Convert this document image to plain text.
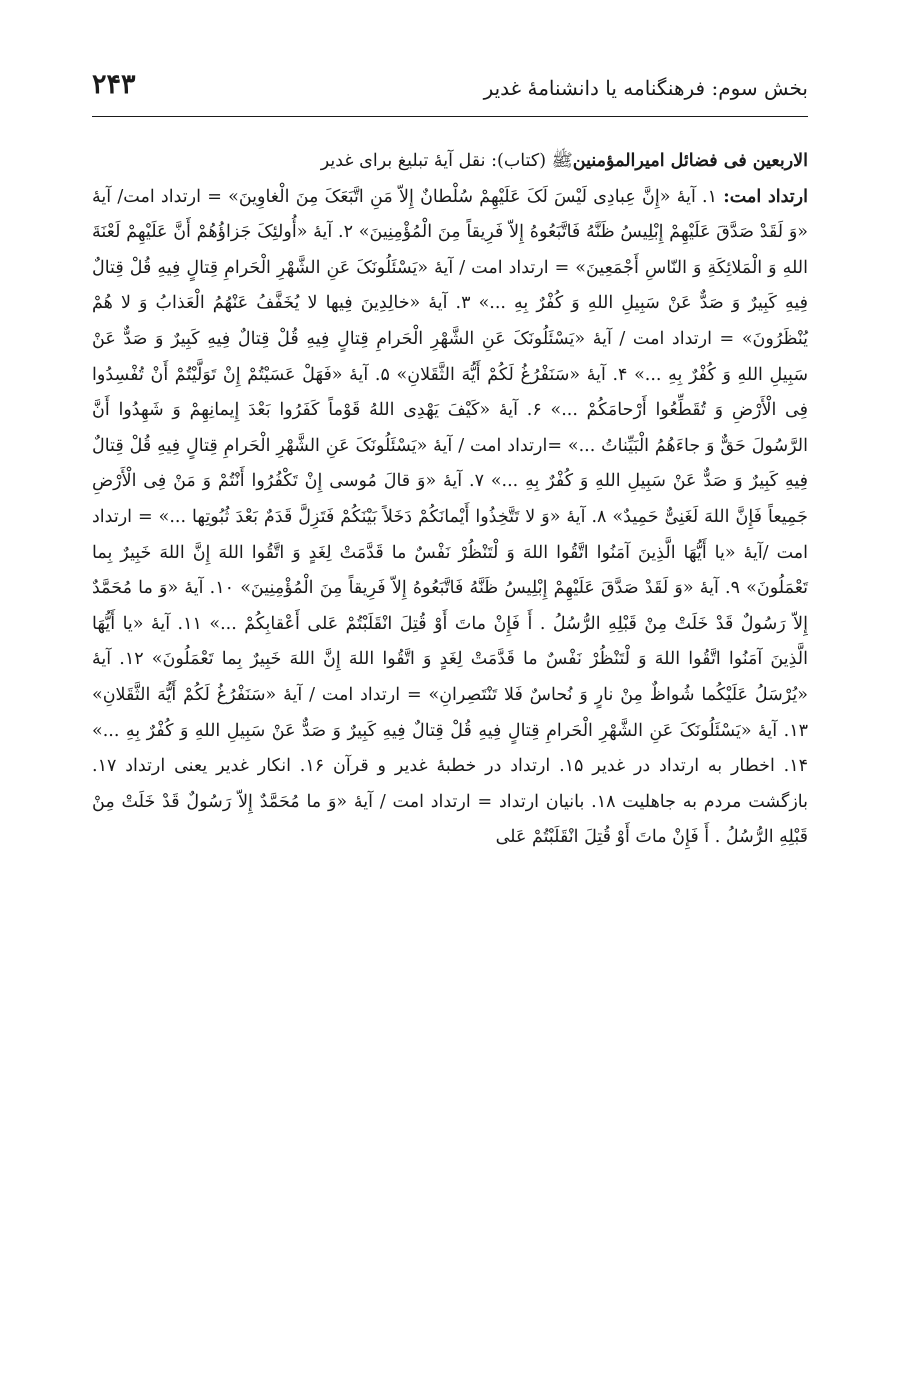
بخش سوم: فرهنگنامه یا دانشنامهٔ غدیر
۲۴۳

الاربعین فی فضائل امیرالمؤمنینﷺ (کتاب): نقل آیهٔ تبلیغ برای غدیر
ارتداد امت: ۱. آیهٔ «إِنَّ عِبادِی لَیْسَ لَکَ عَلَیْهِمْ سُلْطانٌ إِلاّ مَنِ اتَّبَعَکَ مِنَ الْغاوِینَ» = ارتداد امت/ آیهٔ «وَ لَقَدْ صَدَّقَ عَلَیْهِمْ إِبْلِیسُ ظَنَّهُ فَاتَّبَعُوهُ إِلاّ فَرِیقاً مِنَ الْمُؤْمِنِینَ» ۲. آیهٔ «أُولئِکَ جَزاؤُهُمْ أَنَّ عَلَیْهِمْ لَعْنَةَ اللهِ وَ الْمَلائِکَةِ وَ النّاسِ أَجْمَعِینَ» = ارتداد امت / آیهٔ «یَسْئَلُونَکَ عَنِ الشَّهْرِ الْحَرامِ قِتالٍ فِیهِ قُلْ قِتالٌ فِیهِ کَبِیرٌ وَ صَدٌّ عَنْ سَبِیلِ اللهِ وَ کُفْرٌ بِهِ ...» ۳. آیهٔ «خالِدِینَ فِیها لا یُخَفَّفُ عَنْهُمُ الْعَذابُ وَ لا هُمْ یُنْظَرُونَ» = ارتداد امت / آیهٔ «یَسْئَلُونَکَ عَنِ الشَّهْرِ الْحَرامِ قِتالٍ فِیهِ قُلْ قِتالٌ فِیهِ کَبِیرٌ وَ صَدٌّ عَنْ سَبِیلِ اللهِ وَ کُفْرٌ بِهِ ...» ۴. آیهٔ «سَنَفْرُغُ لَکُمْ أَیُّهَ الثَّقَلانِ» ۵. آیهٔ «فَهَلْ عَسَیْتُمْ إِنْ تَوَلَّیْتُمْ أَنْ تُفْسِدُوا فِی الْأَرْضِ وَ تُقَطِّعُوا أَرْحامَکُمْ ...» ۶. آیهٔ «کَیْفَ یَهْدِی اللهُ قَوْماً کَفَرُوا بَعْدَ إِیمانِهِمْ وَ شَهِدُوا أَنَّ الرَّسُولَ حَقٌّ وَ جاءَهُمُ الْبَیِّناتُ ...» =ارتداد امت / آیهٔ «یَسْئَلُونَکَ عَنِ الشَّهْرِ الْحَرامِ قِتالٍ فِیهِ قُلْ قِتالٌ فِیهِ کَبِیرٌ وَ صَدٌّ عَنْ سَبِیلِ اللهِ وَ کُفْرٌ بِهِ ...» ۷. آیهٔ «وَ قالَ مُوسی إِنْ تَکْفُرُوا أَنْتُمْ وَ مَنْ فِی الْأَرْضِ جَمِیعاً فَإِنَّ اللهَ لَغَنِیٌّ حَمِیدٌ» ۸. آیهٔ «وَ لا تَتَّخِذُوا أَیْمانَکُمْ دَخَلاً بَیْنَکُمْ فَتَزِلَّ قَدَمٌ بَعْدَ ثُبُوتِها ...» = ارتداد امت /آیهٔ «یا أَیُّهَا الَّذِینَ آمَنُوا اتَّقُوا اللهَ وَ لْتَنْظُرْ نَفْسٌ ما قَدَّمَتْ لِغَدٍ وَ اتَّقُوا اللهَ إِنَّ اللهَ خَبِیرٌ بِما تَعْمَلُونَ» ۹. آیهٔ «وَ لَقَدْ صَدَّقَ عَلَیْهِمْ إِبْلِیسُ ظَنَّهُ فَاتَّبَعُوهُ إِلاّ فَرِیقاً مِنَ الْمُؤْمِنِینَ» ۱۰. آیهٔ «وَ ما مُحَمَّدٌ إِلاّ رَسُولٌ قَدْ خَلَتْ مِنْ قَبْلِهِ الرُّسُلُ . أَ فَإِنْ ماتَ أَوْ قُتِلَ انْقَلَبْتُمْ عَلی أَعْقابِکُمْ ...» ۱۱. آیهٔ «یا أَیُّهَا الَّذِینَ آمَنُوا اتَّقُوا اللهَ وَ لْتَنْظُرْ نَفْسٌ ما قَدَّمَتْ لِغَدٍ وَ اتَّقُوا اللهَ إِنَّ اللهَ خَبِیرٌ بِما تَعْمَلُونَ» ۱۲. آیهٔ «یُرْسَلُ عَلَیْکُما شُواظٌ مِنْ نارٍ وَ نُحاسٌ فَلا تَنْتَصِرانِ» = ارتداد امت / آیهٔ «سَنَفْرُغُ لَکُمْ أَیُّهَ الثَّقَلانِ» ۱۳. آیهٔ «یَسْئَلُونَکَ عَنِ الشَّهْرِ الْحَرامِ قِتالٍ فِیهِ قُلْ قِتالٌ فِیهِ کَبِیرٌ وَ صَدٌّ عَنْ سَبِیلِ اللهِ وَ کُفْرٌ بِهِ ...» ۱۴. اخطار به ارتداد در غدیر ۱۵. ارتداد در خطبهٔ غدیر و قرآن ۱۶. انکار غدیر یعنی ارتداد ۱۷. بازگشت مردم به جاهلیت ۱۸. بانیان ارتداد = ارتداد امت / آیهٔ «وَ ما مُحَمَّدٌ إِلاّ رَسُولٌ قَدْ خَلَتْ مِنْ قَبْلِهِ الرُّسُلُ . أَ فَإِنْ ماتَ أَوْ قُتِلَ انْقَلَبْتُمْ عَلی
